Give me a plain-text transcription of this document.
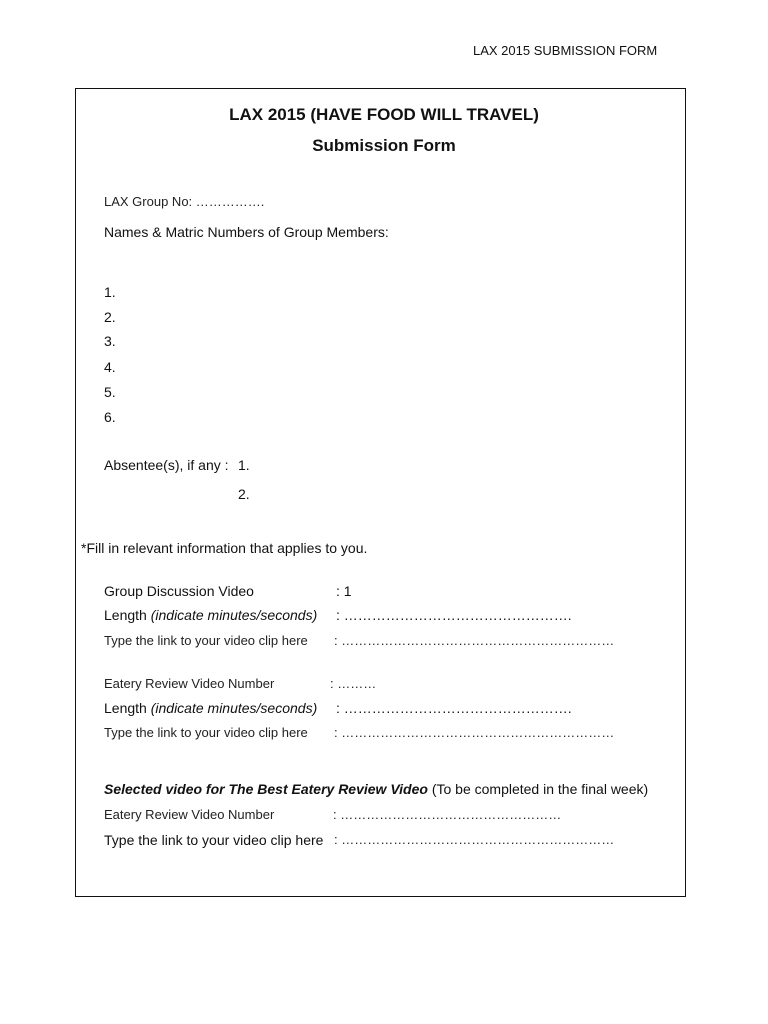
LAX 2015 SUBMISSION FORM
LAX 2015 (HAVE FOOD WILL TRAVEL)
Submission Form
LAX Group No: …………….
Names & Matric Numbers of Group Members:
1.
2.
3.
4.
5.
6.
Absentee(s), if any : 1.
2.
*Fill in relevant information that applies to you.
Group Discussion Video	: 1
Length (indicate minutes/seconds) : ………………………………………….
Type the link to your video clip here : ………………………………………………………
Eatery Review Video Number	: ………
Length (indicate minutes/seconds) : ………………………………………….
Type the link to your video clip here : ………………………………………………………
Selected video for The Best Eatery Review Video (To be completed in the final week)
Eatery Review Video Number	: ……………………………………………
Type the link to your video clip here : ………………………………………………………
